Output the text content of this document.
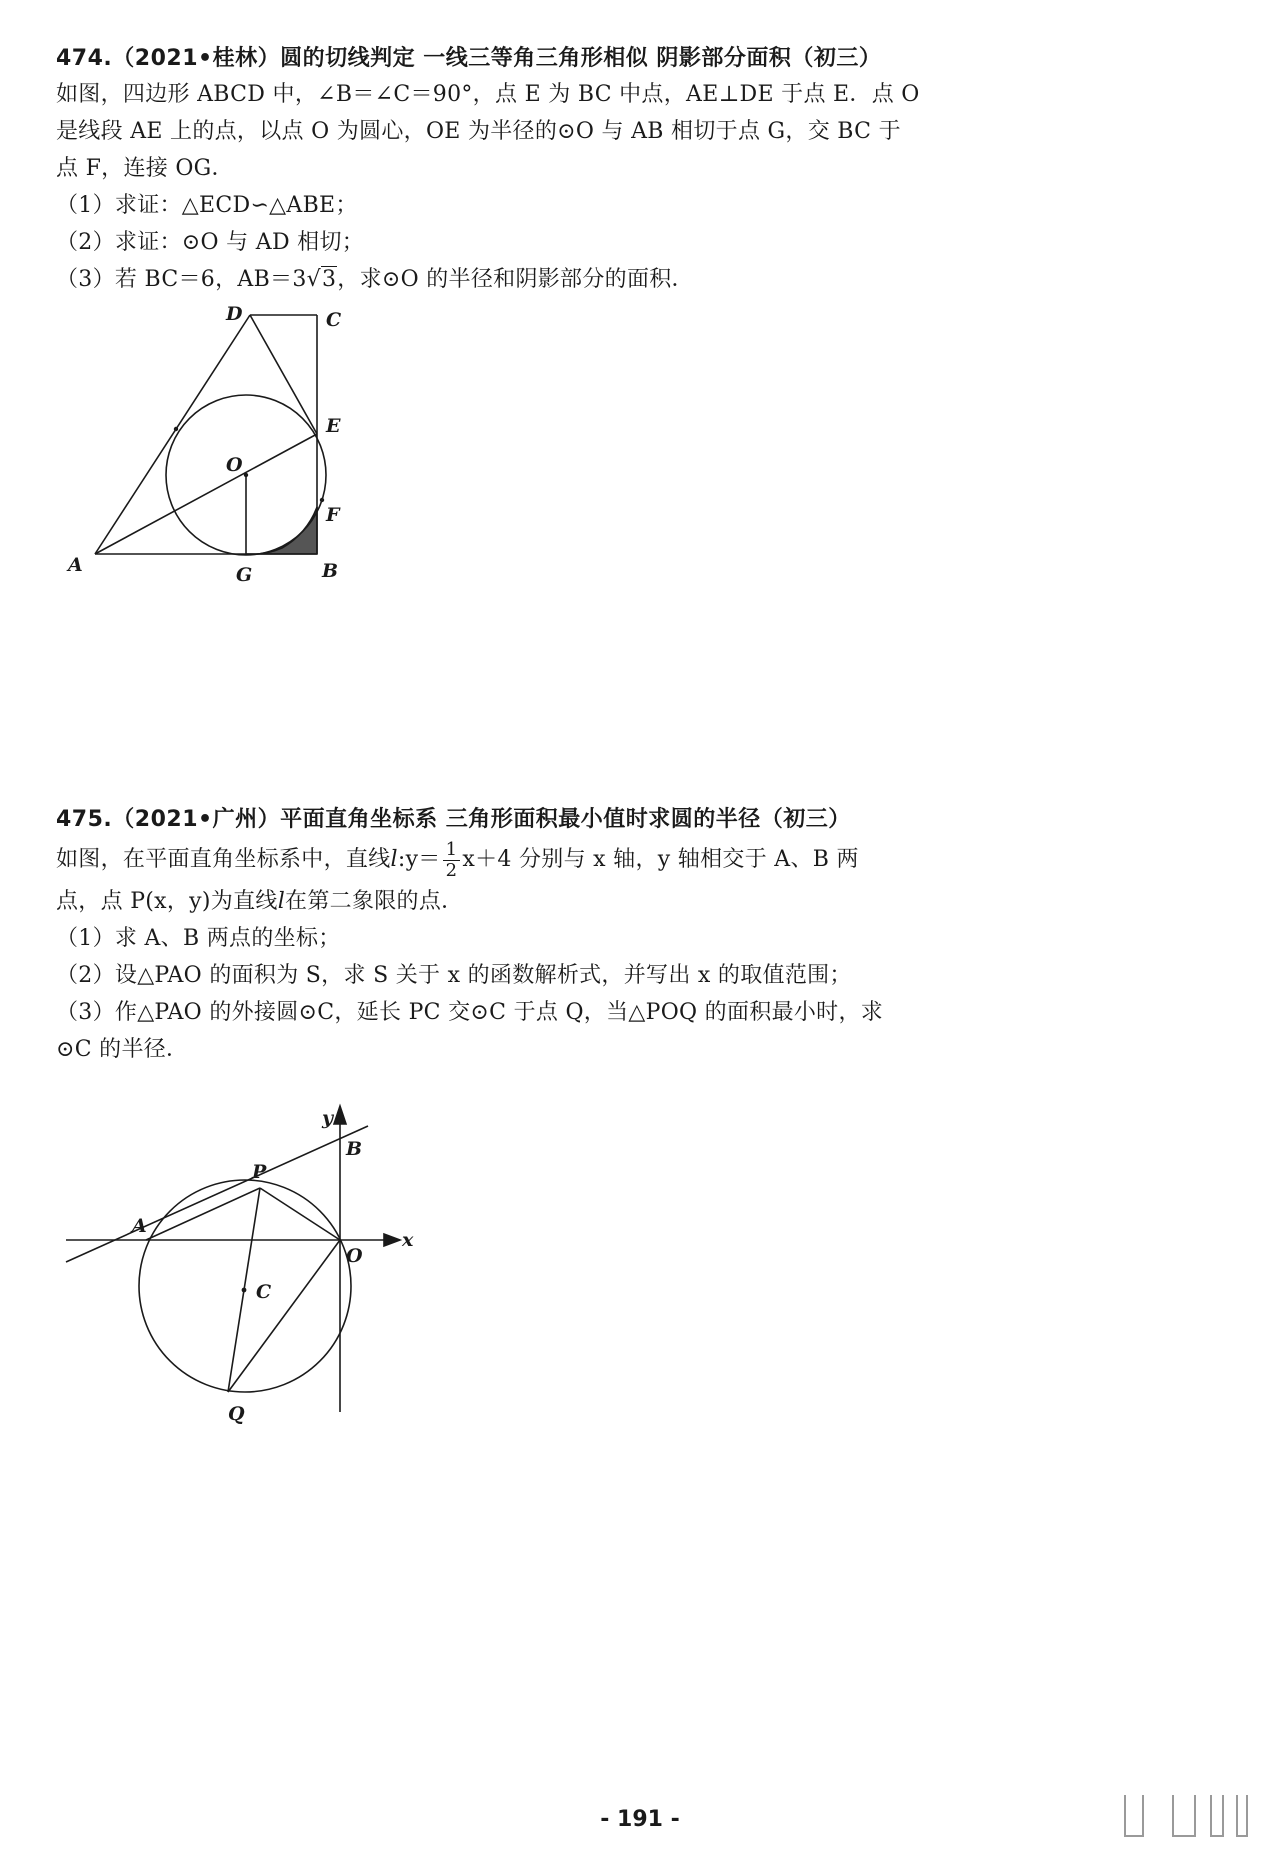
474.（2021•桂林）圆的切线判定 一线三等角三角形相似 阴影部分面积（初三）
如图，四边形 ABCD 中，∠B＝∠C＝90°，点 E 为 BC 中点，AE⊥DE 于点 E．点 O
是线段 AE 上的点，以点 O 为圆心，OE 为半径的⊙O 与 AB 相切于点 G，交 BC 于
点 F，连接 OG．
（1）求证：△ECD∽△ABE；
（2）求证：⊙O 与 AD 相切；
（3）若 BC＝6，AB＝3√3，求⊙O 的半径和阴影部分的面积．
D	C
E
O
F
A	G	B
475.（2021•广州）平面直角坐标系 三角形面积最小值时求圆的半径（初三）
如图，在平面直角坐标系中，直线l:y＝ $\frac{1}{2} x+4$ 分别与 x 轴，y 轴相交于 A、B 两
点，点 P(x，y)为直线l在第二象限的点．
（1）求 A、B 两点的坐标；
（2）设△PAO 的面积为 S，求 S 关于 x 的函数解析式，并写出 x 的取值范围；
（3）作△PAO 的外接圆⊙C，延长 PC 交⊙C 于点 Q，当△POQ 的面积最小时，求
⊙C 的半径．
y
B
P
A
O
x
C
Q
- 191 -
